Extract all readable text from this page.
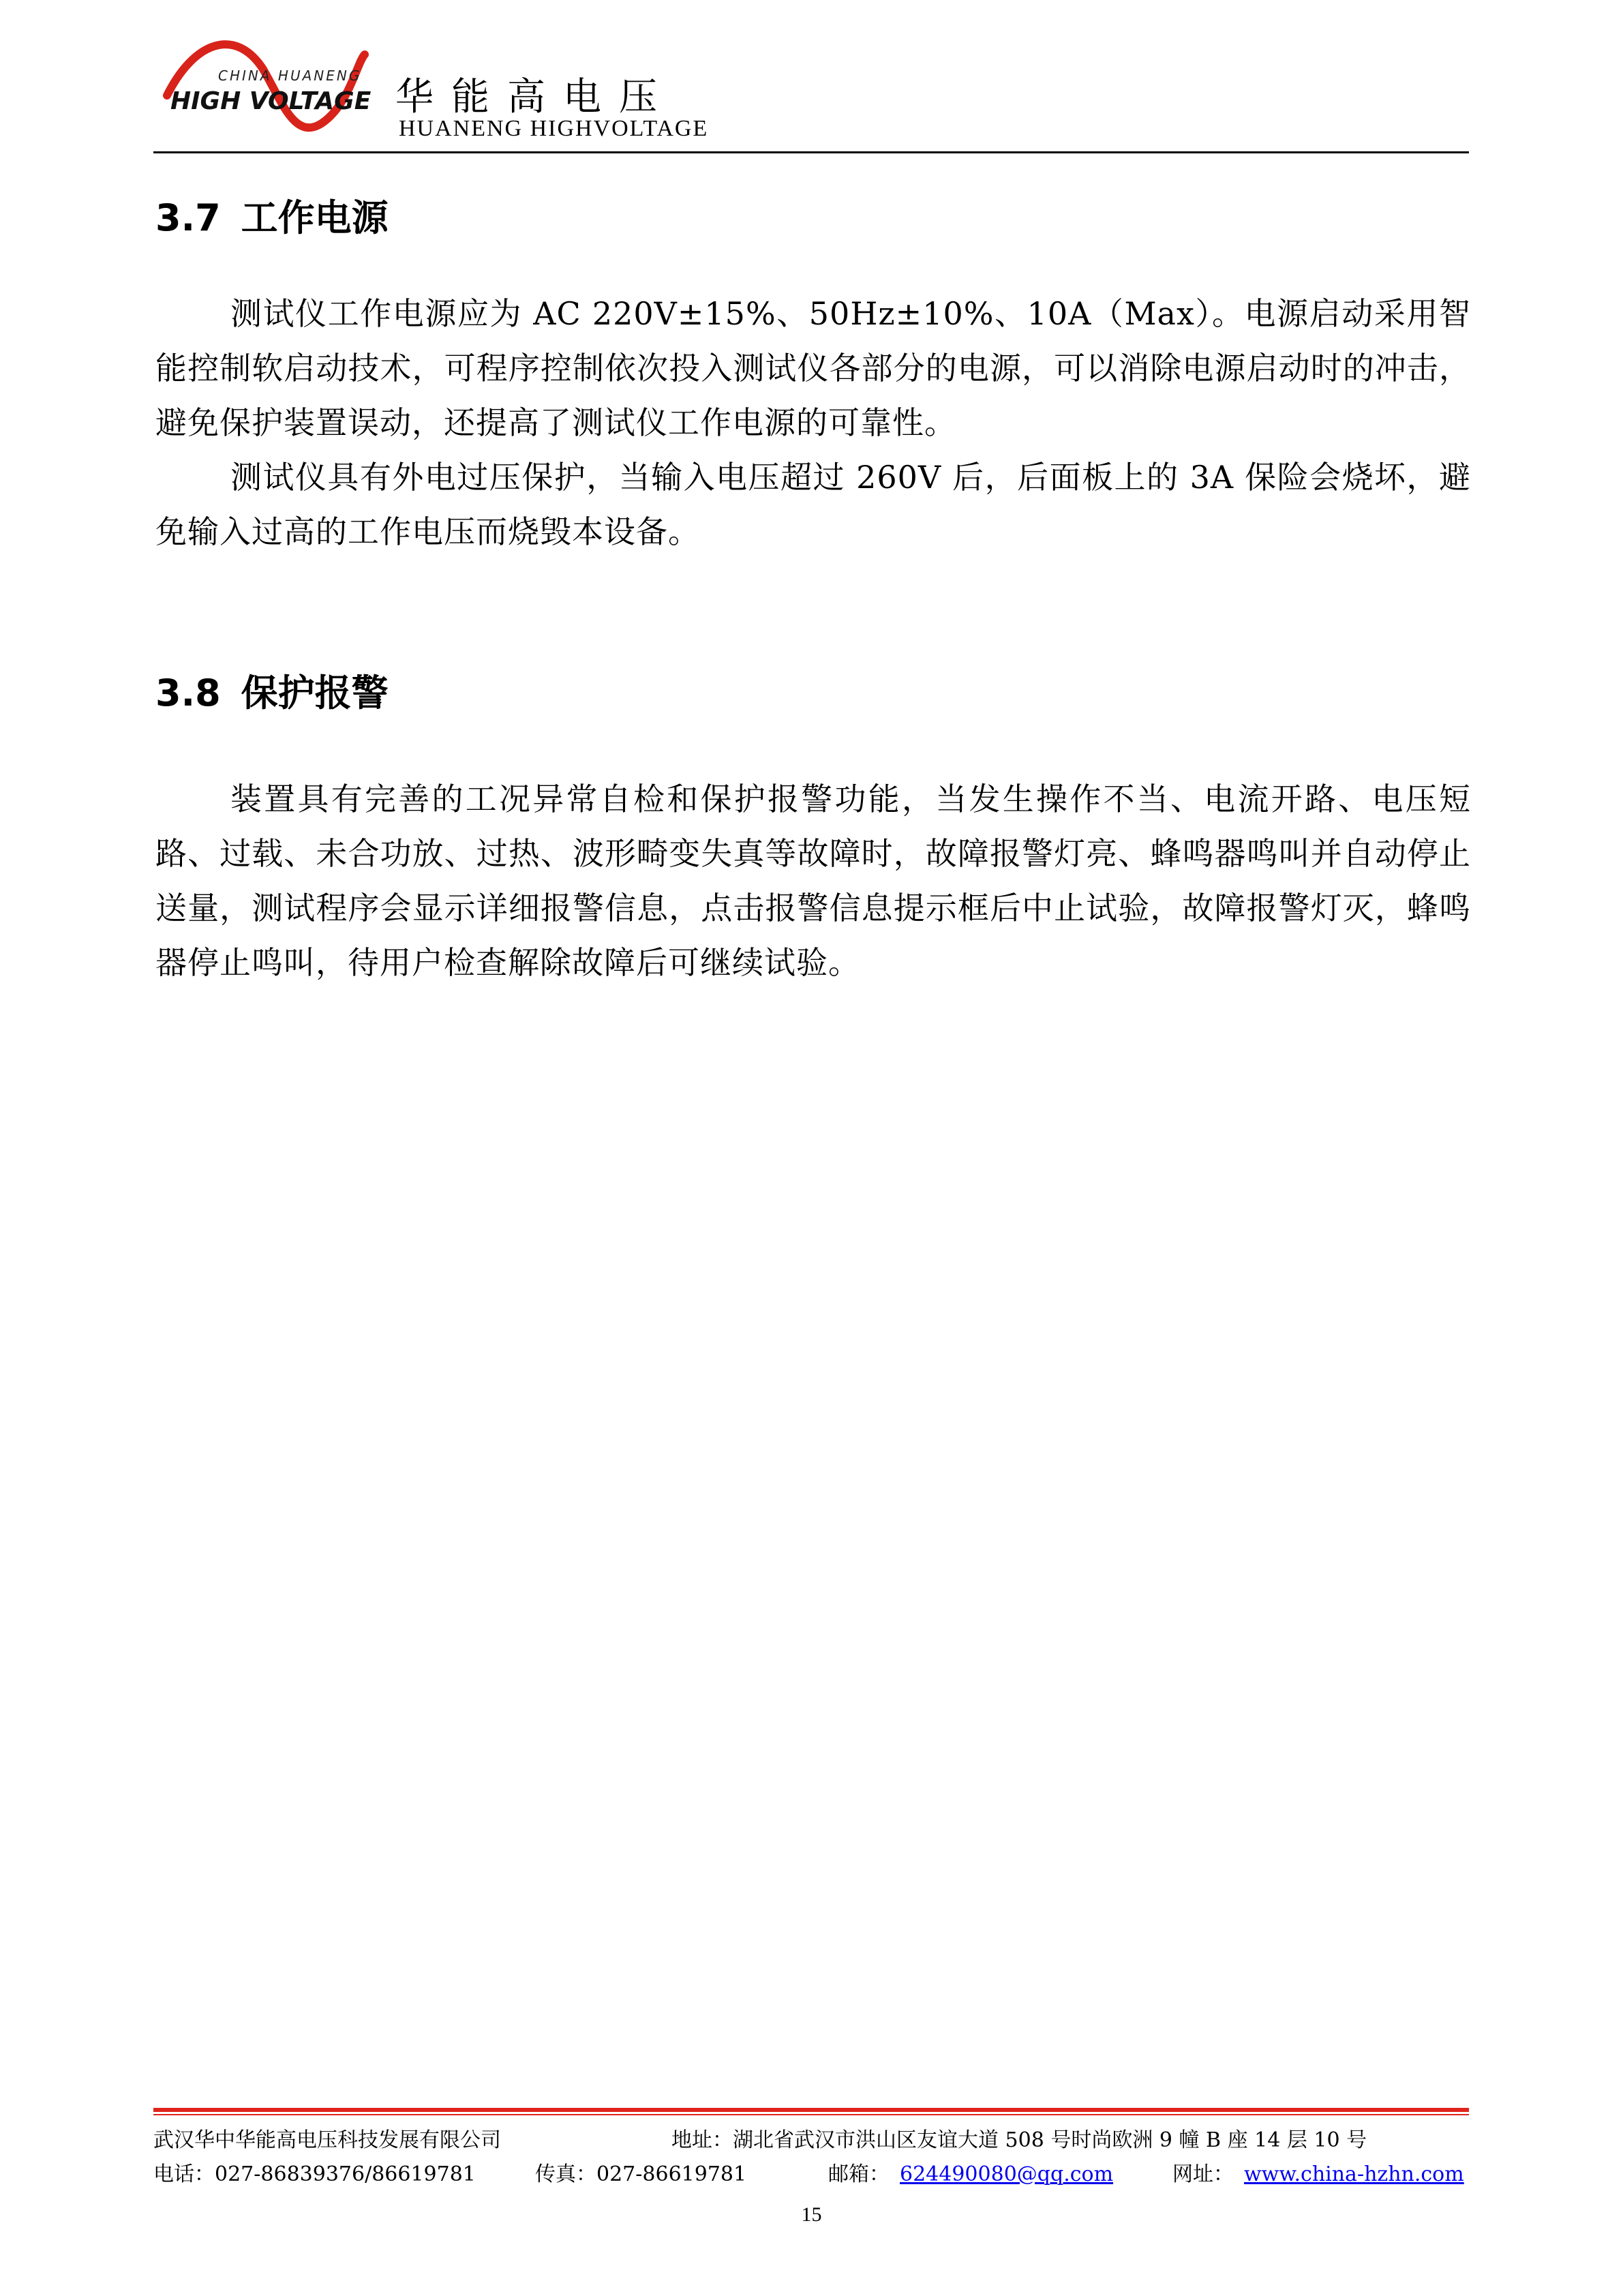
CHINA HUANENG
HIGH VOLTAGE 华能高电压
HUANENG HIGHVOLTAGE
3.7 工作电源

测试仪工作电源应为 AC 220V±15%、50Hz±10%、10A（Max）。电源启动采用智能控制软启动技术，可程序控制依次投入测试仪各部分的电源，可以消除电源启动时的冲击，避免保护装置误动，还提高了测试仪工作电源的可靠性。

测试仪具有外电过压保护，当输入电压超过 260V 后，后面板上的 3A 保险会烧坏，避免输入过高的工作电压而烧毁本设备。

3.8 保护报警

装置具有完善的工况异常自检和保护报警功能，当发生操作不当、电流开路、电压短路、过载、未合功放、过热、波形畸变失真等故障时，故障报警灯亮、蜂鸣器鸣叫并自动停止送量，测试程序会显示详细报警信息，点击报警信息提示框后中止试验，故障报警灯灭，蜂鸣器停止鸣叫，待用户检查解除故障后可继续试验。

武汉华中华能高电压科技发展有限公司	地址：湖北省武汉市洪山区友谊大道 508 号时尚欧洲 9 幢 B 座 14 层 10 号
电话：027-86839376/86619781	传真：027-86619781	邮箱： 624490080@qq.com	网址： www.china-hzhn.com
15
